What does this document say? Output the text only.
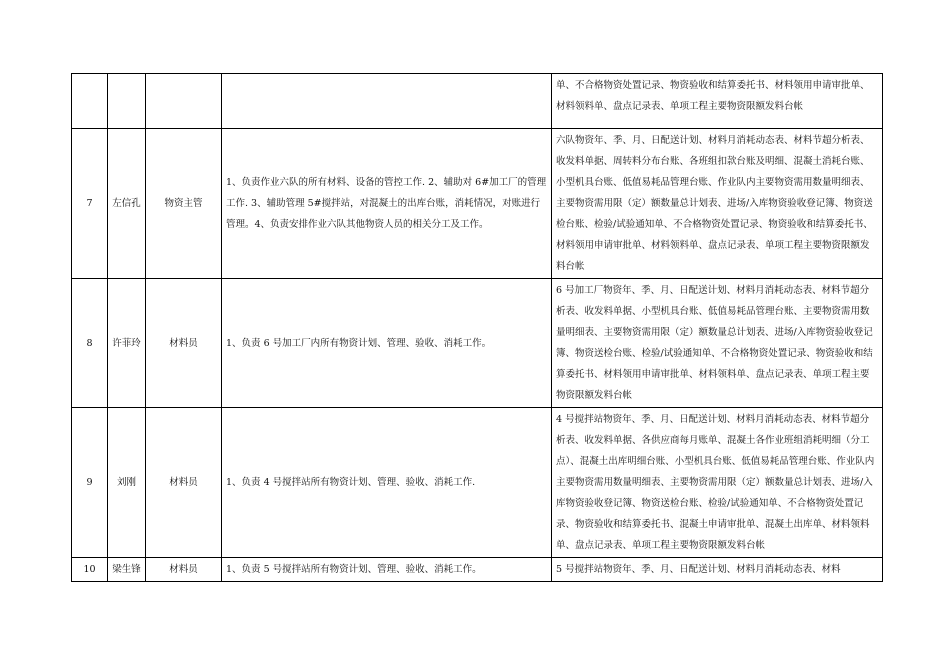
				单、不合格物资处置记录、物资验收和结算委托书、材料领用申请审批单、材料领料单、盘点记录表、单项工程主要物资限额发料台帐
7	左信孔	物资主管	1、负责作业六队的所有材料、设备的管控工作. 2、辅助对 6#加工厂的管理工作. 3、辅助管理 5#搅拌站，对混凝土的出库台账，消耗情况，对账进行管理。4、负责安排作业六队其他物资人员的相关分工及工作。	六队物资年、季、月、日配送计划、材料月消耗动态表、材料节超分析表、收发料单据、周转料分布台账、各班组扣款台账及明细、混凝土消耗台账、小型机具台账、低值易耗品管理台账、作业队内主要物资需用数量明细表、主要物资需用限（定）额数量总计划表、进场/入库物资验收登记簿、物资送检台账、检验/试验通知单、不合格物资处置记录、物资验收和结算委托书、材料领用申请审批单、材料领料单、盘点记录表、单项工程主要物资限额发料台帐
8	许菲玲	材料员	1、负责 6 号加工厂内所有物资计划、管理、验收、消耗工作。	6 号加工厂物资年、季、月、日配送计划、材料月消耗动态表、材料节超分析表、收发料单据、小型机具台账、低值易耗品管理台账、主要物资需用数量明细表、主要物资需用限（定）额数量总计划表、进场/入库物资验收登记簿、物资送检台账、检验/试验通知单、不合格物资处置记录、物资验收和结算委托书、材料领用申请审批单、材料领料单、盘点记录表、单项工程主要物资限额发料台帐
9	刘刚	材料员	1、负责 4 号搅拌站所有物资计划、管理、验收、消耗工作.	4 号搅拌站物资年、季、月、日配送计划、材料月消耗动态表、材料节超分析表、收发料单据、各供应商每月账单、混凝土各作业班组消耗明细（分工点）、混凝土出库明细台账、小型机具台账、低值易耗品管理台账、作业队内主要物资需用数量明细表、主要物资需用限（定）额数量总计划表、进场/入库物资验收登记簿、物资送检台账、检验/试验通知单、不合格物资处置记录、物资验收和结算委托书、混凝土申请审批单、混凝土出库单、材料领料单、盘点记录表、单项工程主要物资限额发料台帐
10	梁生锋	材料员	1、负责 5 号搅拌站所有物资计划、管理、验收、消耗工作。	5 号搅拌站物资年、季、月、日配送计划、材料月消耗动态表、材料
